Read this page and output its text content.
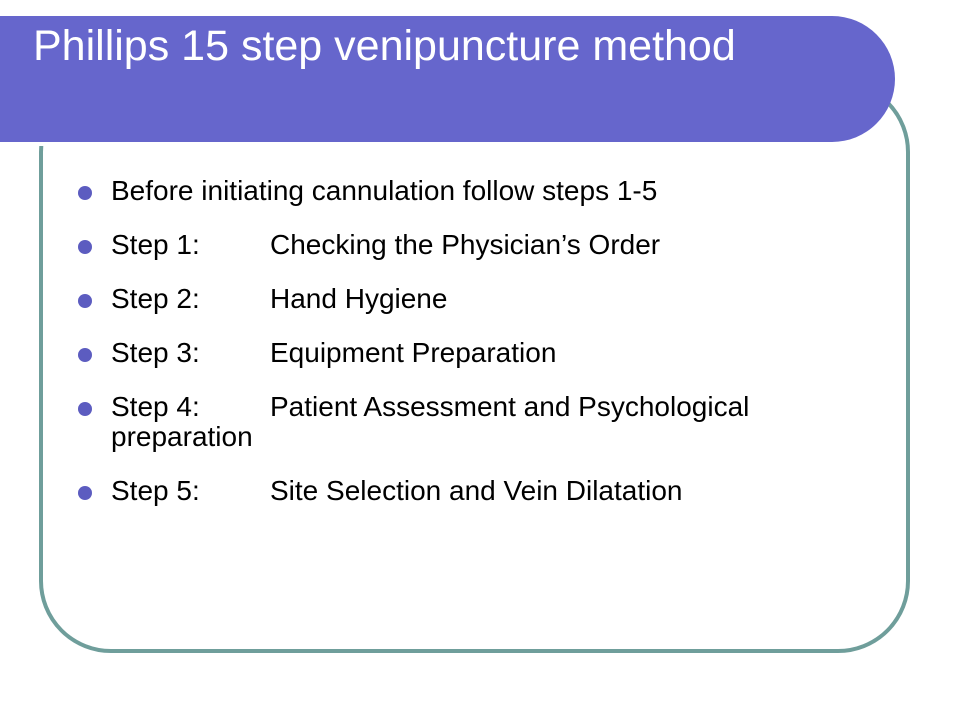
Phillips 15 step venipuncture method
Before initiating cannulation follow steps 1-5
Step 1:	Checking the Physician’s Order
Step 2:	Hand Hygiene
Step 3:	Equipment Preparation
Step 4:	Patient Assessment and Psychological preparation
Step 5:	Site Selection and Vein Dilatation
